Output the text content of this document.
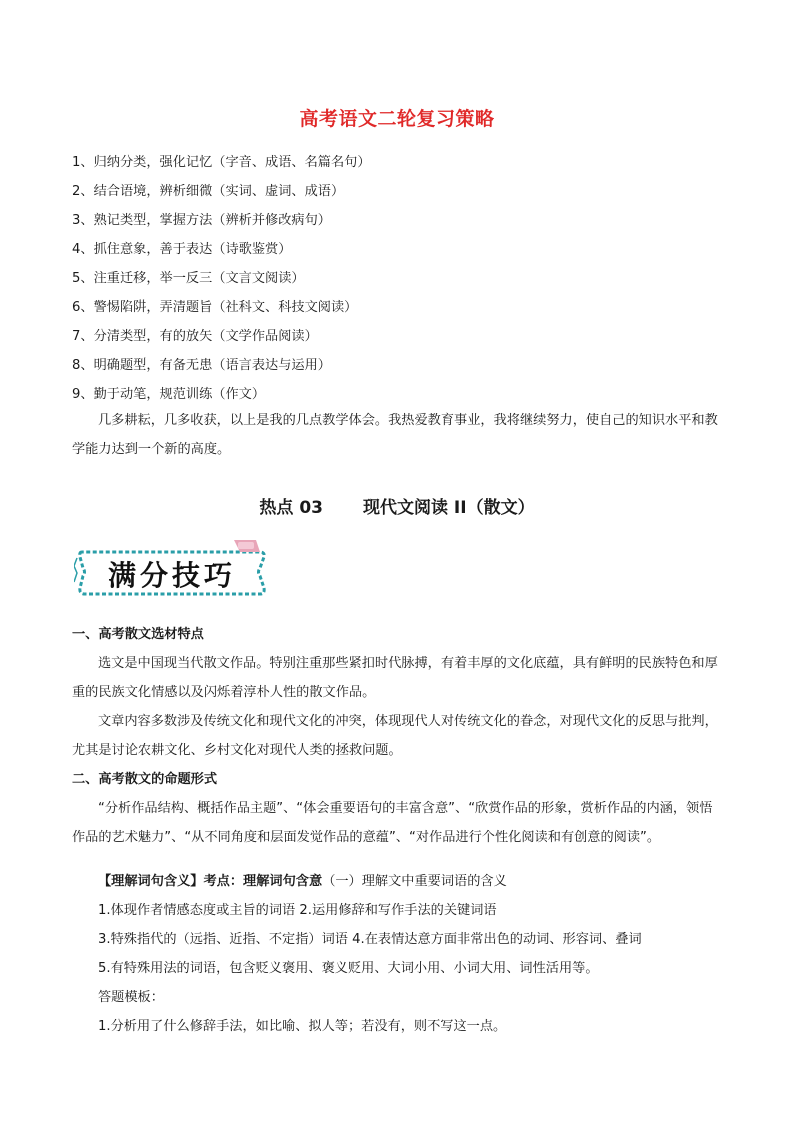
高考语文二轮复习策略
1、归纳分类，强化记忆（字音、成语、名篇名句）
2、结合语境，辨析细微（实词、虚词、成语）
3、熟记类型，掌握方法（辨析并修改病句）
4、抓住意象，善于表达（诗歌鉴赏）
5、注重迁移，举一反三（文言文阅读）
6、警惕陷阱，弄清题旨（社科文、科技文阅读）
7、分清类型，有的放矢（文学作品阅读）
8、明确题型，有备无患（语言表达与运用）
9、勤于动笔，规范训练（作文）
几多耕耘，几多收获，以上是我的几点教学体会。我热爱教育事业，我将继续努力，使自己的知识水平和教学能力达到一个新的高度。
热点 03 现代文阅读 II（散文）
满分技巧
一、高考散文选材特点
选文是中国现当代散文作品。特别注重那些紧扣时代脉搏，有着丰厚的文化底蕴，具有鲜明的民族特色和厚重的民族文化情感以及闪烁着淳朴人性的散文作品。
文章内容多数涉及传统文化和现代文化的冲突，体现现代人对传统文化的眷念，对现代文化的反思与批判，尤其是讨论农耕文化、乡村文化对现代人类的拯救问题。
二、高考散文的命题形式
“分析作品结构、概括作品主题”、“体会重要语句的丰富含意”、“欣赏作品的形象，赏析作品的内涵，领悟作品的艺术魅力”、“从不同角度和层面发觉作品的意蕴”、“对作品进行个性化阅读和有创意的阅读”。
【理解词句含义】考点：理解词句含意（一）理解文中重要词语的含义
1.体现作者情感态度或主旨的词语 2.运用修辞和写作手法的关键词语
3.特殊指代的（远指、近指、不定指）词语 4.在表情达意方面非常出色的动词、形容词、叠词
5.有特殊用法的词语，包含贬义褒用、褒义贬用、大词小用、小词大用、词性活用等。
答题模板：
1.分析用了什么修辞手法，如比喻、拟人等；若没有，则不写这一点。
